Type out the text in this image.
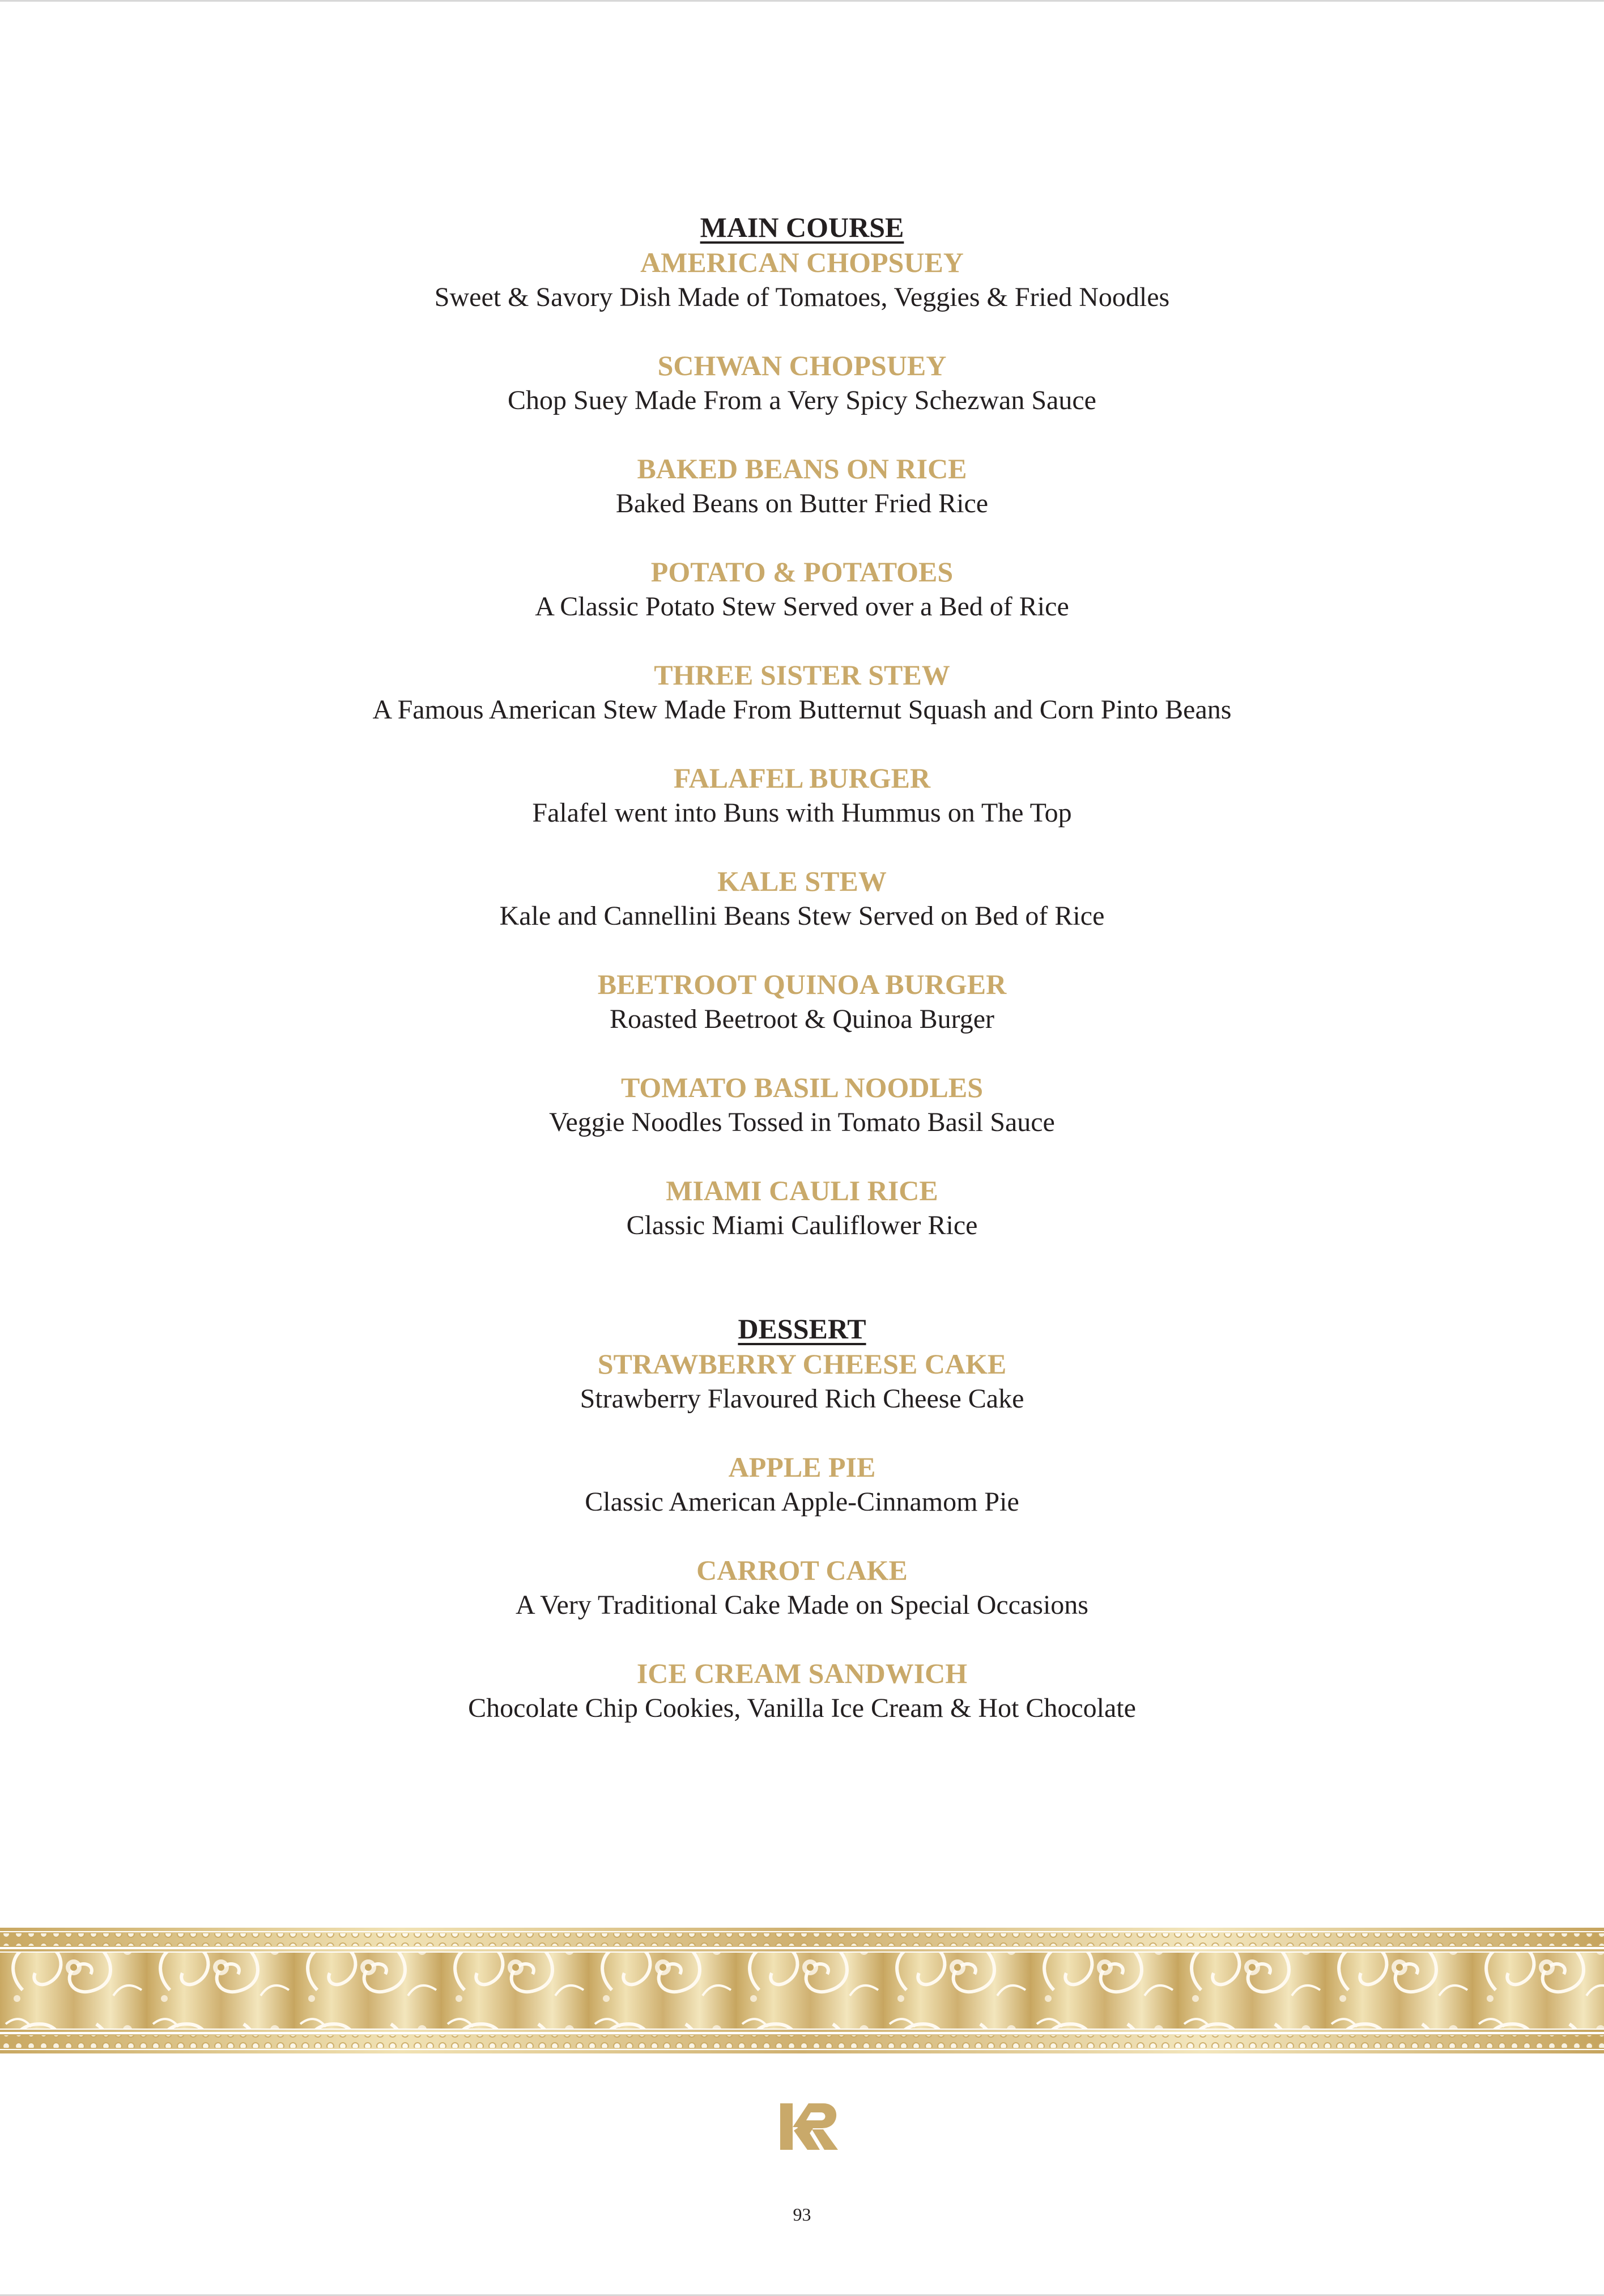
MAIN COURSE
AMERICAN CHOPSUEY
Sweet & Savory Dish Made of Tomatoes, Veggies & Fried Noodles
SCHWAN CHOPSUEY
Chop Suey Made From a Very Spicy Schezwan Sauce
BAKED BEANS ON RICE
Baked Beans on Butter Fried Rice
POTATO & POTATOES
A Classic Potato Stew Served over a Bed of Rice
THREE SISTER STEW
A Famous American Stew Made From Butternut Squash and Corn Pinto Beans
FALAFEL BURGER
Falafel went into Buns with Hummus on The Top
KALE STEW
Kale and Cannellini Beans Stew Served on Bed of Rice
BEETROOT QUINOA BURGER
Roasted Beetroot & Quinoa Burger
TOMATO BASIL NOODLES
Veggie Noodles Tossed in Tomato Basil Sauce
MIAMI CAULI RICE
Classic Miami Cauliflower Rice
DESSERT
STRAWBERRY CHEESE CAKE
Strawberry Flavoured Rich Cheese Cake
APPLE PIE
Classic American Apple-Cinnamom Pie
CARROT CAKE
A Very Traditional Cake Made on Special Occasions
ICE CREAM SANDWICH
Chocolate Chip Cookies, Vanilla Ice Cream & Hot Chocolate
93
